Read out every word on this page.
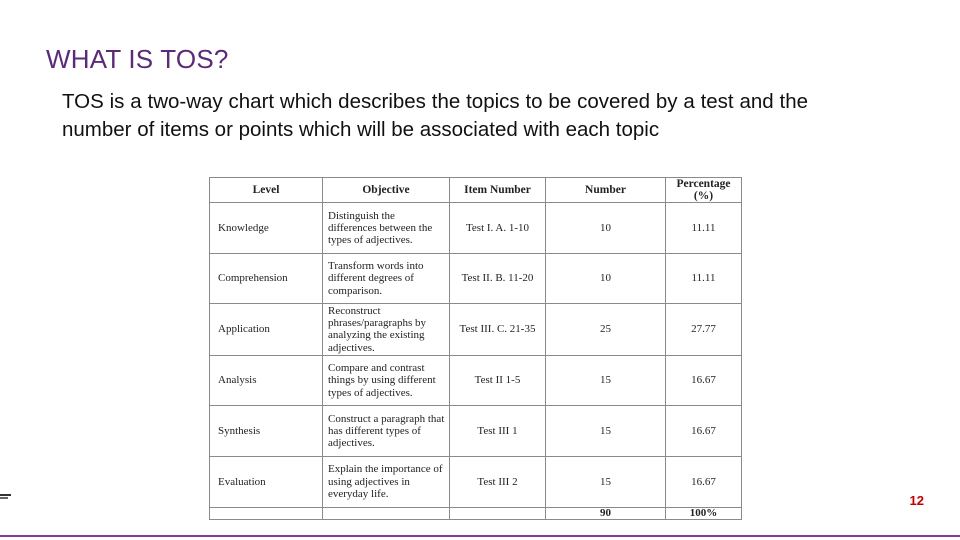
WHAT IS TOS?

TOS is a two-way chart which describes the topics to be covered by a test and the number of items or points which will be associated with each topic

Level	Objective	Item Number	Number	Percentage (%)
Knowledge	Distinguish the differences between the types of adjectives.	Test I. A. 1-10	10	11.11
Comprehension	Transform words into different degrees of comparison.	Test II. B. 11-20	10	11.11
Application	Reconstruct phrases/paragraphs by analyzing the existing adjectives.	Test III. C. 21-35	25	27.77
Analysis	Compare and contrast things by using different types of adjectives.	Test II 1-5	15	16.67
Synthesis	Construct a paragraph that has different types of adjectives.	Test III 1	15	16.67
Evaluation	Explain the importance of using adjectives in everyday life.	Test III 2	15	16.67
			90	100%
12
